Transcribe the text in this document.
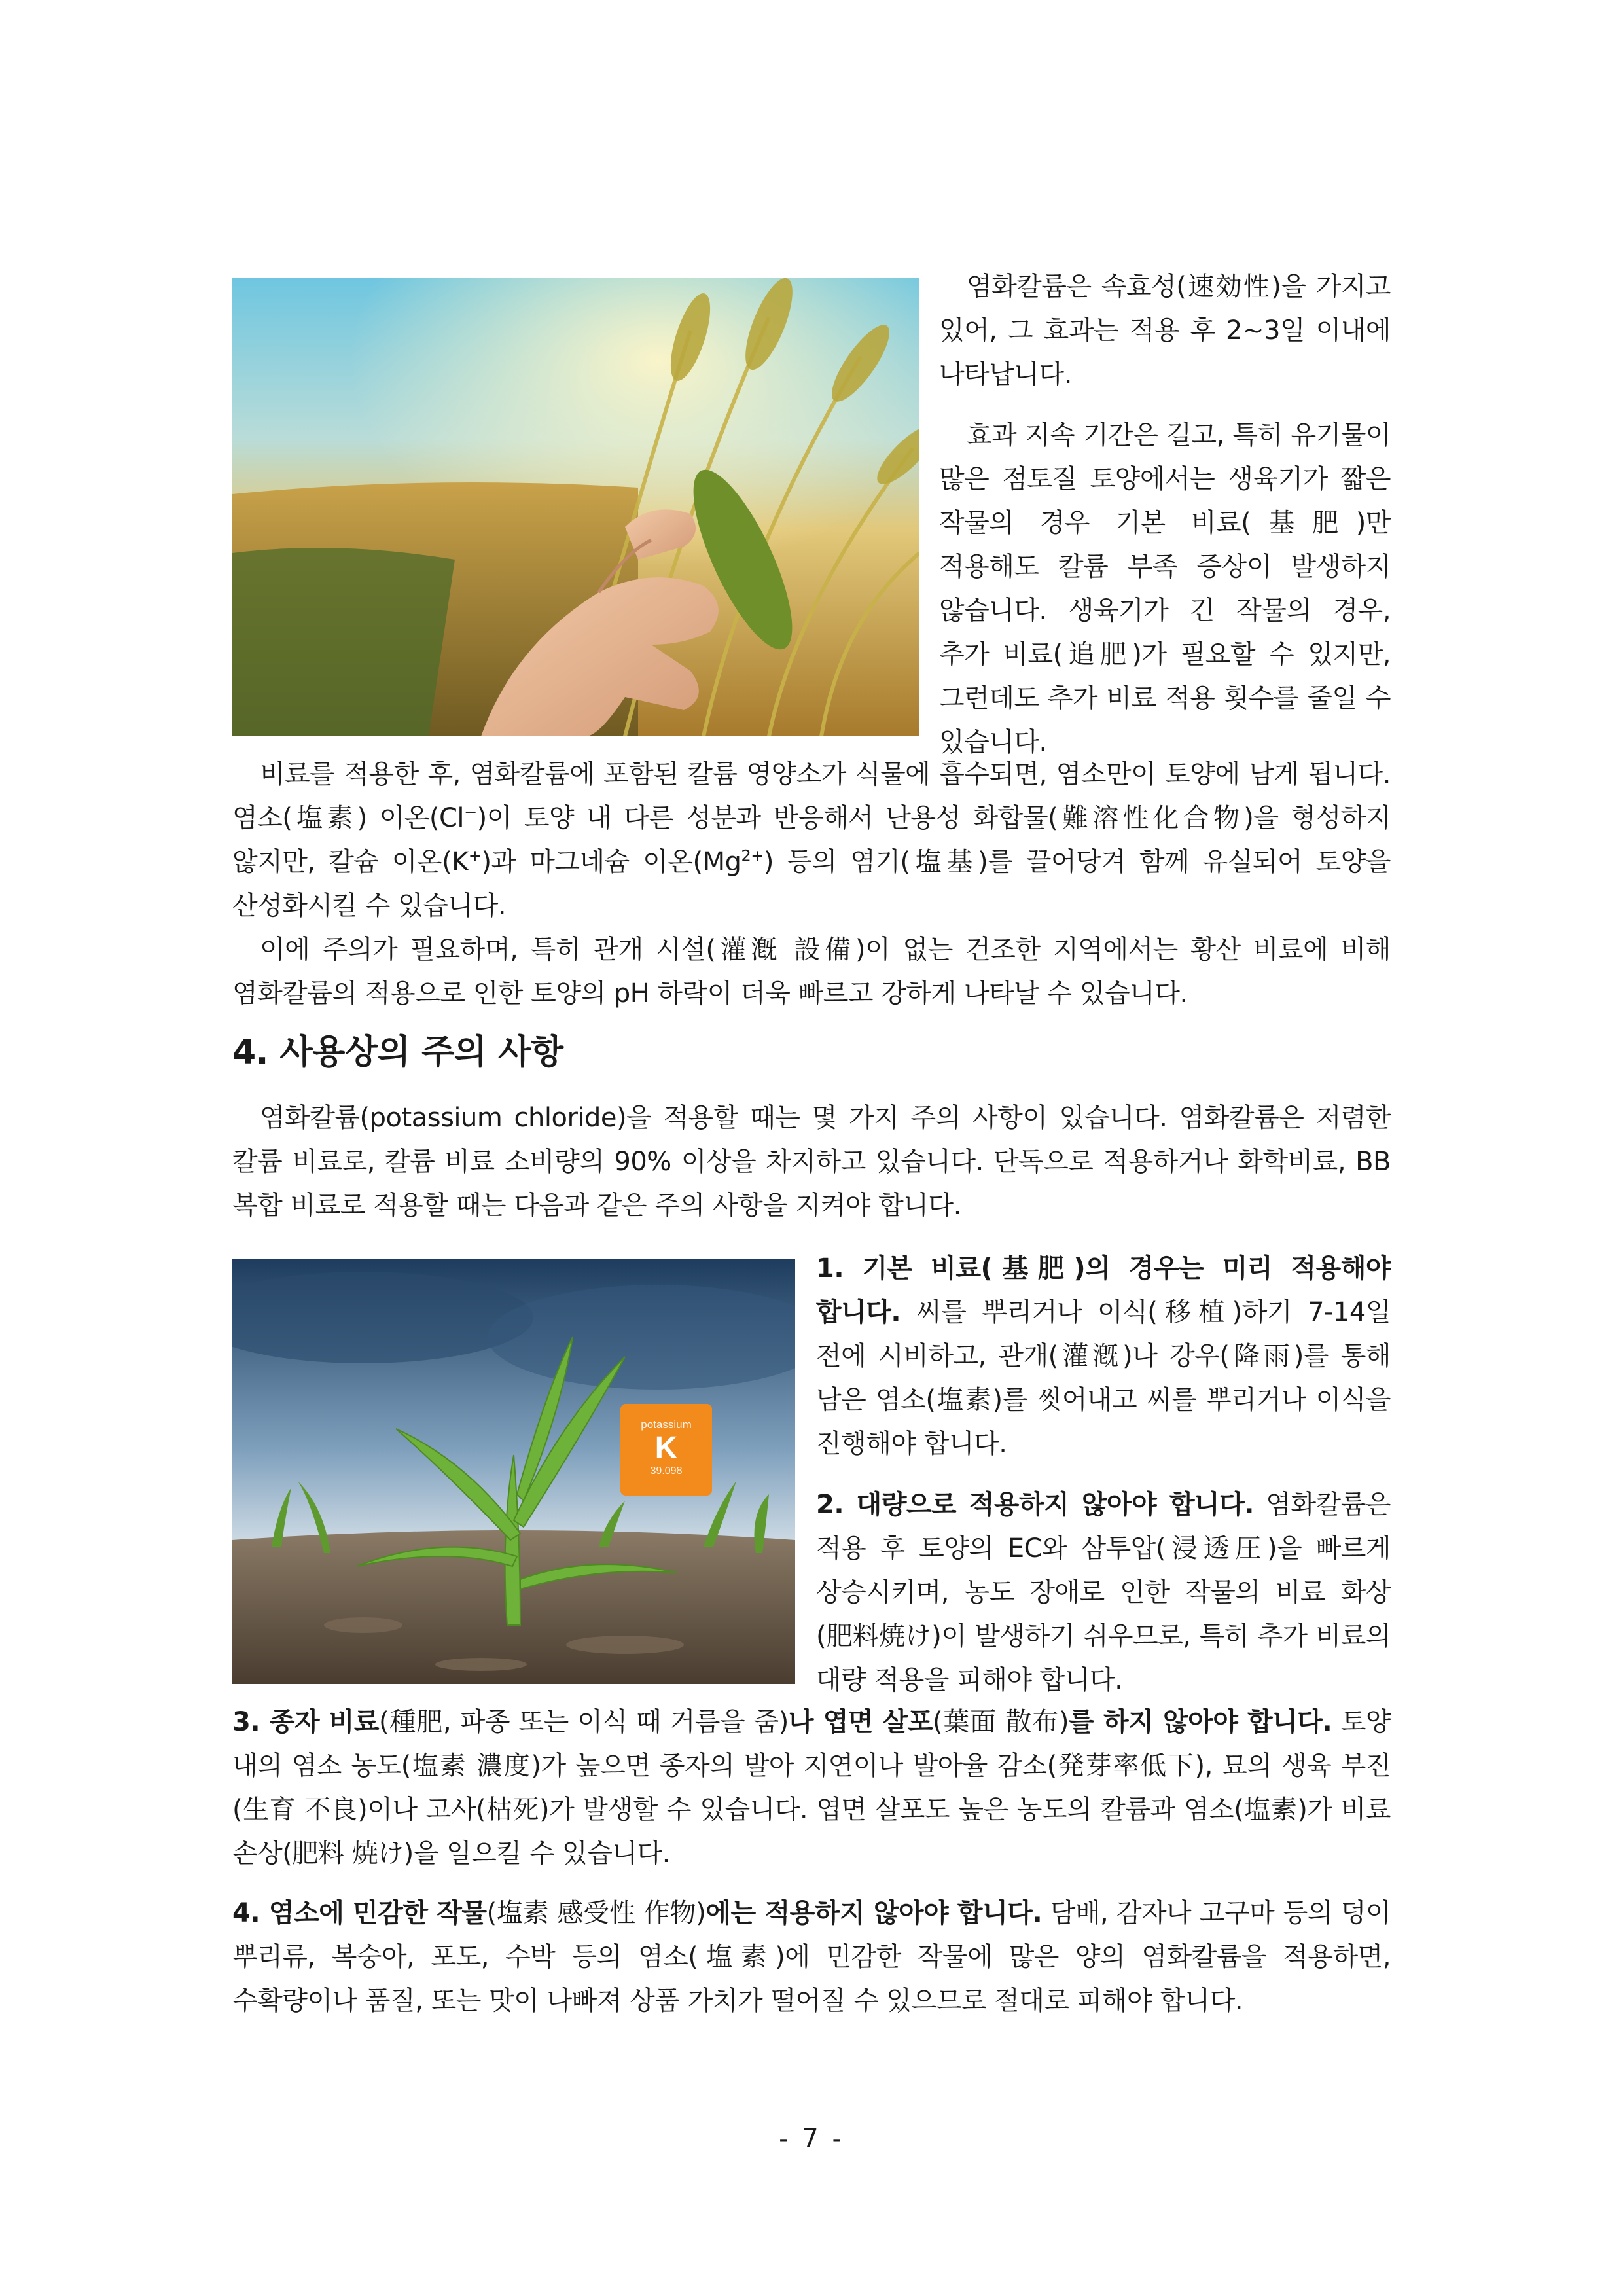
염화칼륨은 속효성(速効性)을 가지고 있어, 그 효과는 적용 후 2~3일 이내에 나타납니다.

효과 지속 기간은 길고, 특히 유기물이 많은 점토질 토양에서는 생육기가 짧은 작물의 경우 기본 비료(基肥)만 적용해도 칼륨 부족 증상이 발생하지 않습니다. 생육기가 긴 작물의 경우, 추가 비료(追肥)가 필요할 수 있지만, 그런데도 추가 비료 적용 횟수를 줄일 수 있습니다.

비료를 적용한 후, 염화칼륨에 포함된 칼륨 영양소가 식물에 흡수되면, 염소만이 토양에 남게 됩니다. 염소(塩素) 이온(Cl−)이 토양 내 다른 성분과 반응해서 난용성 화합물(難溶性化合物)을 형성하지 않지만, 칼슘 이온(K+)과 마그네슘 이온$(Mg^{2+})$ 등의 염기(塩基)를 끌어당겨 함께 유실되어 토양을 산성화시킬 수 있습니다.

이에 주의가 필요하며, 특히 관개 시설(灌漑 設備)이 없는 건조한 지역에서는 황산 비료에 비해 염화칼륨의 적용으로 인한 토양의 pH 하락이 더욱 빠르고 강하게 나타날 수 있습니다.

4. 사용상의 주의 사항

염화칼륨(potassium chloride)을 적용할 때는 몇 가지 주의 사항이 있습니다. 염화칼륨은 저렴한 칼륨 비료로, 칼륨 비료 소비량의 90% 이상을 차지하고 있습니다. 단독으로 적용하거나 화학비료, BB 복합 비료로 적용할 때는 다음과 같은 주의 사항을 지켜야 합니다.

potassium
K
39.098

1. 기본 비료(基肥)의 경우는 미리 적용해야 합니다. 씨를 뿌리거나 이식(移植)하기 7-14일 전에 시비하고, 관개(灌漑)나 강우(降雨)를 통해 남은 염소(塩素)를 씻어내고 씨를 뿌리거나 이식을 진행해야 합니다.

2. 대량으로 적용하지 않아야 합니다. 염화칼륨은 적용 후 토양의 EC와 삼투압(浸透圧)을 빠르게 상승시키며, 농도 장애로 인한 작물의 비료 화상(肥料焼け)이 발생하기 쉬우므로, 특히 추가 비료의 대량 적용을 피해야 합니다.

3. 종자 비료(種肥, 파종 또는 이식 때 거름을 줌)나 엽면 살포(葉面 散布)를 하지 않아야 합니다. 토양 내의 염소 농도(塩素 濃度)가 높으면 종자의 발아 지연이나 발아율 감소(発芽率低下), 묘의 생육 부진(生育 不良)이나 고사(枯死)가 발생할 수 있습니다. 엽면 살포도 높은 농도의 칼륨과 염소(塩素)가 비료 손상(肥料 焼け)을 일으킬 수 있습니다.

4. 염소에 민감한 작물(塩素 感受性 作物)에는 적용하지 않아야 합니다. 담배, 감자나 고구마 등의 덩이 뿌리류, 복숭아, 포도, 수박 등의 염소(塩素)에 민감한 작물에 많은 양의 염화칼륨을 적용하면, 수확량이나 품질, 또는 맛이 나빠져 상품 가치가 떨어질 수 있으므로 절대로 피해야 합니다.

- 7 -
